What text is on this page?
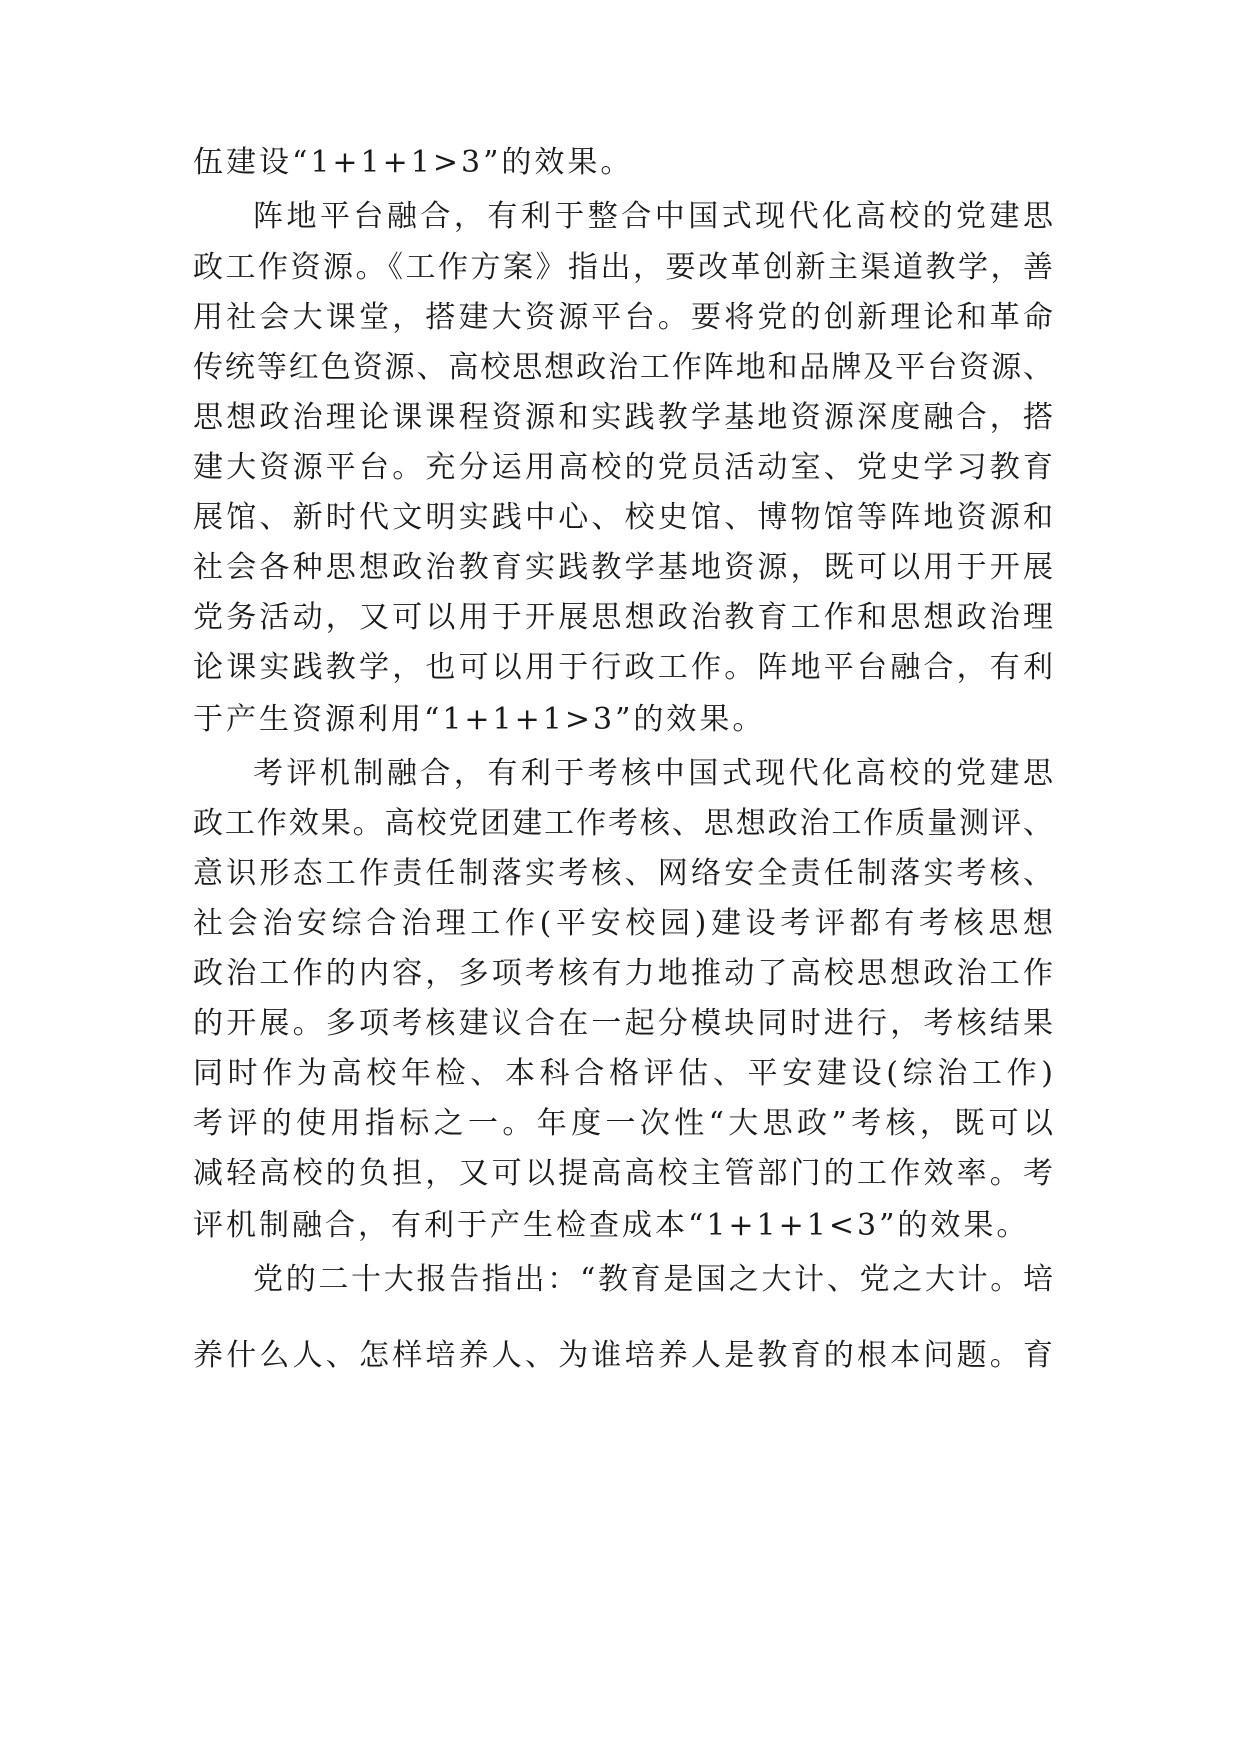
伍建设“1+1+1>3”的效果。
阵地平台融合，有利于整合中国式现代化高校的党建思
政工作资源。《工作方案》指出，要改革创新主渠道教学，善
用社会大课堂，搭建大资源平台。要将党的创新理论和革命
传统等红色资源、高校思想政治工作阵地和品牌及平台资源、
思想政治理论课课程资源和实践教学基地资源深度融合，搭
建大资源平台。充分运用高校的党员活动室、党史学习教育
展馆、新时代文明实践中心、校史馆、博物馆等阵地资源和
社会各种思想政治教育实践教学基地资源，既可以用于开展
党务活动，又可以用于开展思想政治教育工作和思想政治理
论课实践教学，也可以用于行政工作。阵地平台融合，有利
于产生资源利用“1+1+1>3”的效果。
考评机制融合，有利于考核中国式现代化高校的党建思
政工作效果。高校党团建工作考核、思想政治工作质量测评、
意识形态工作责任制落实考核、网络安全责任制落实考核、
社会治安综合治理工作(平安校园)建设考评都有考核思想
政治工作的内容，多项考核有力地推动了高校思想政治工作
的开展。多项考核建议合在一起分模块同时进行，考核结果
同时作为高校年检、本科合格评估、平安建设(综治工作)
考评的使用指标之一。年度一次性“大思政”考核，既可以
减轻高校的负担，又可以提高高校主管部门的工作效率。考
评机制融合，有利于产生检查成本“1+1+1<3”的效果。
党的二十大报告指出：“教育是国之大计、党之大计。培
养什么人、怎样培养人、为谁培养人是教育的根本问题。育
